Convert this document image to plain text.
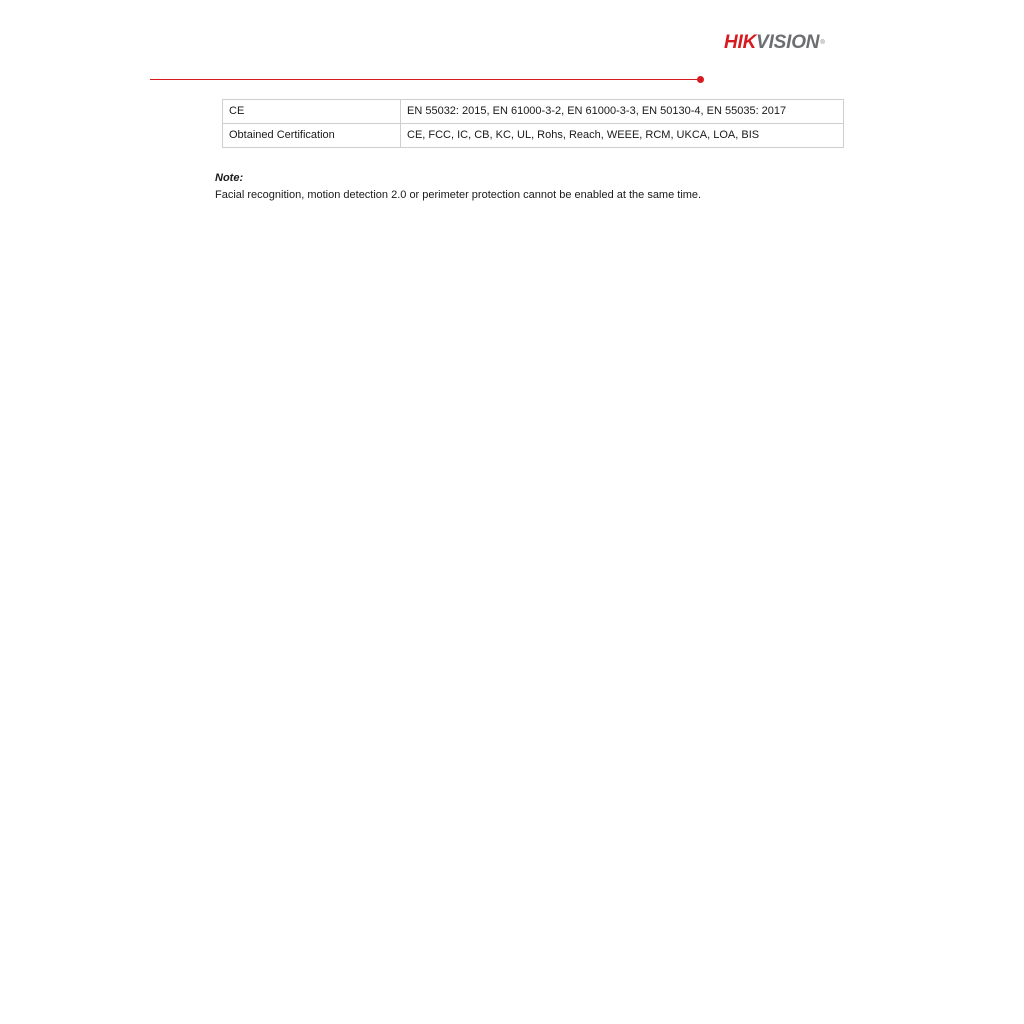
HIKVISION®
CE	EN 55032: 2015, EN 61000-3-2, EN 61000-3-3, EN 50130-4, EN 55035: 2017
Obtained Certification	CE, FCC, IC, CB, KC, UL, Rohs, Reach, WEEE, RCM, UKCA, LOA, BIS
Note:
Facial recognition, motion detection 2.0 or perimeter protection cannot be enabled at the same time.
